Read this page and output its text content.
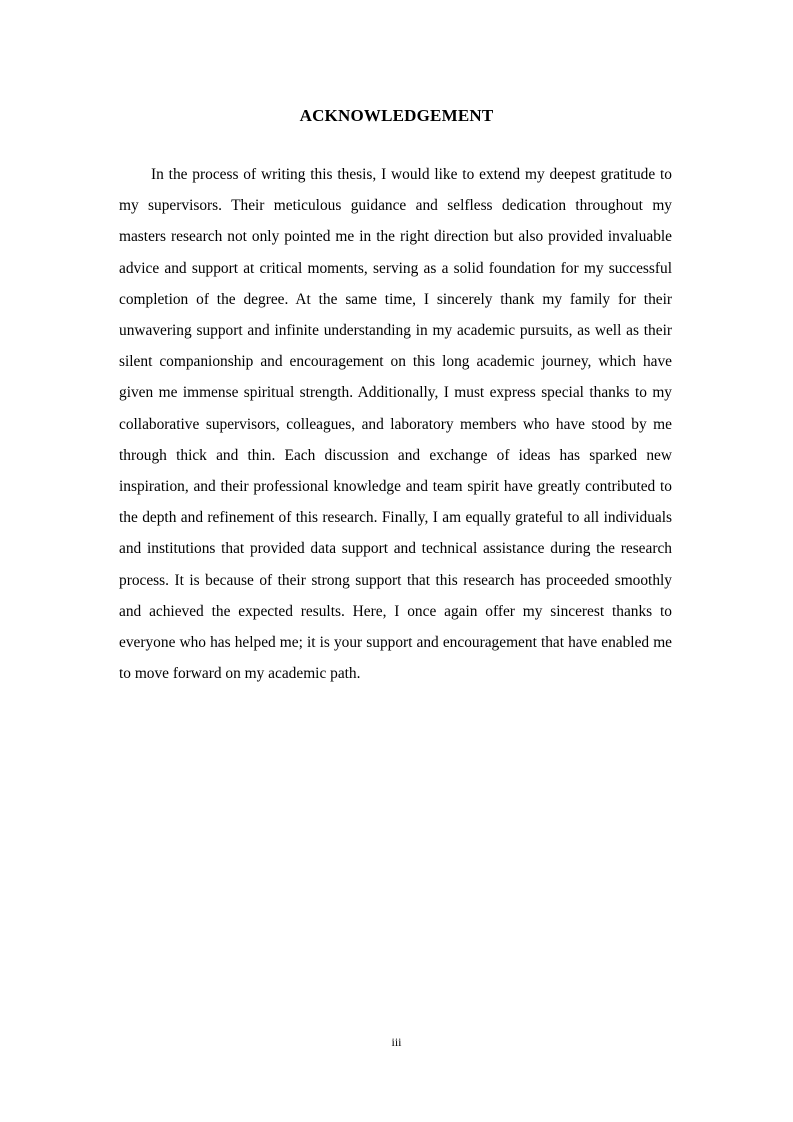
ACKNOWLEDGEMENT

In the process of writing this thesis, I would like to extend my deepest gratitude to my supervisors. Their meticulous guidance and selfless dedication throughout my masters research not only pointed me in the right direction but also provided invaluable advice and support at critical moments, serving as a solid foundation for my successful completion of the degree. At the same time, I sincerely thank my family for their unwavering support and infinite understanding in my academic pursuits, as well as their silent companionship and encouragement on this long academic journey, which have given me immense spiritual strength. Additionally, I must express special thanks to my collaborative supervisors, colleagues, and laboratory members who have stood by me through thick and thin. Each discussion and exchange of ideas has sparked new inspiration, and their professional knowledge and team spirit have greatly contributed to the depth and refinement of this research. Finally, I am equally grateful to all individuals and institutions that provided data support and technical assistance during the research process. It is because of their strong support that this research has proceeded smoothly and achieved the expected results. Here, I once again offer my sincerest thanks to everyone who has helped me; it is your support and encouragement that have enabled me to move forward on my academic path.

iii
